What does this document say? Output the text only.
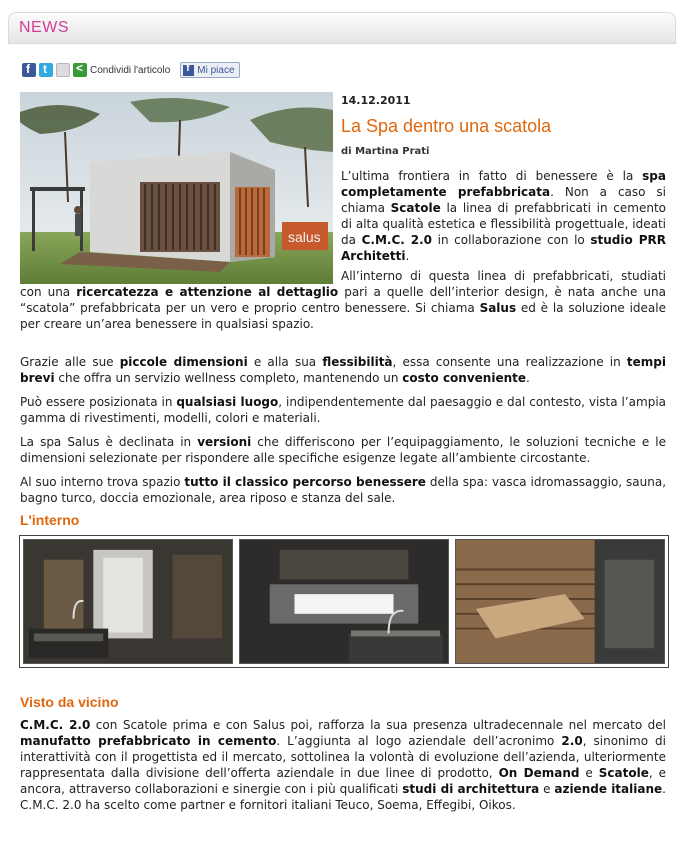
NEWS
f
t
<
Condividi l'articolo
f	Mi piace
salus
14.12.2011
La Spa dentro una scatola
di Martina Prati
L’ultima frontiera in fatto di benessere è la spa completamente prefabbricata. Non a caso si chiama Scatole la linea di prefabbricati in cemento di alta qualità estetica e flessibilità progettuale, ideati da C.M.C. 2.0 in collaborazione con lo studio PRR Architetti.
All’interno di questa linea di prefabbricati, studiati con una ricercatezza e attenzione al dettaglio pari a quelle dell’interior design, è nata anche una “scatola” prefabbricata per un vero e proprio centro benessere. Si chiama Salus ed è la soluzione ideale per creare un’area benessere in qualsiasi spazio.
Grazie alle sue piccole dimensioni e alla sua flessibilità, essa consente una realizzazione in tempi brevi che offra un servizio wellness completo, mantenendo un costo conveniente.
Può essere posizionata in qualsiasi luogo, indipendentemente dal paesaggio e dal contesto, vista l’ampia gamma di rivestimenti, modelli, colori e materiali.
La spa Salus è declinata in versioni che differiscono per l’equipaggiamento, le soluzioni tecniche e le dimensioni selezionate per rispondere alle specifiche esigenze legate all’ambiente circostante.
Al suo interno trova spazio tutto il classico percorso benessere della spa: vasca idromassaggio, sauna, bagno turco, doccia emozionale, area riposo e stanza del sale.
L'interno
Visto da vicino
C.M.C. 2.0 con Scatole prima e con Salus poi, rafforza la sua presenza ultradecennale nel mercato del manufatto prefabbricato in cemento. L’aggiunta al logo aziendale dell’acronimo 2.0, sinonimo di interattività con il progettista ed il mercato, sottolinea la volontà di evoluzione dell’azienda, ulteriormente rappresentata dalla divisione dell’offerta aziendale in due linee di prodotto, On Demand e Scatole, e ancora, attraverso collaborazioni e sinergie con i più qualificati studi di architettura e aziende italiane. C.M.C. 2.0 ha scelto come partner e fornitori italiani Teuco, Soema, Effegibi, Oikos.
